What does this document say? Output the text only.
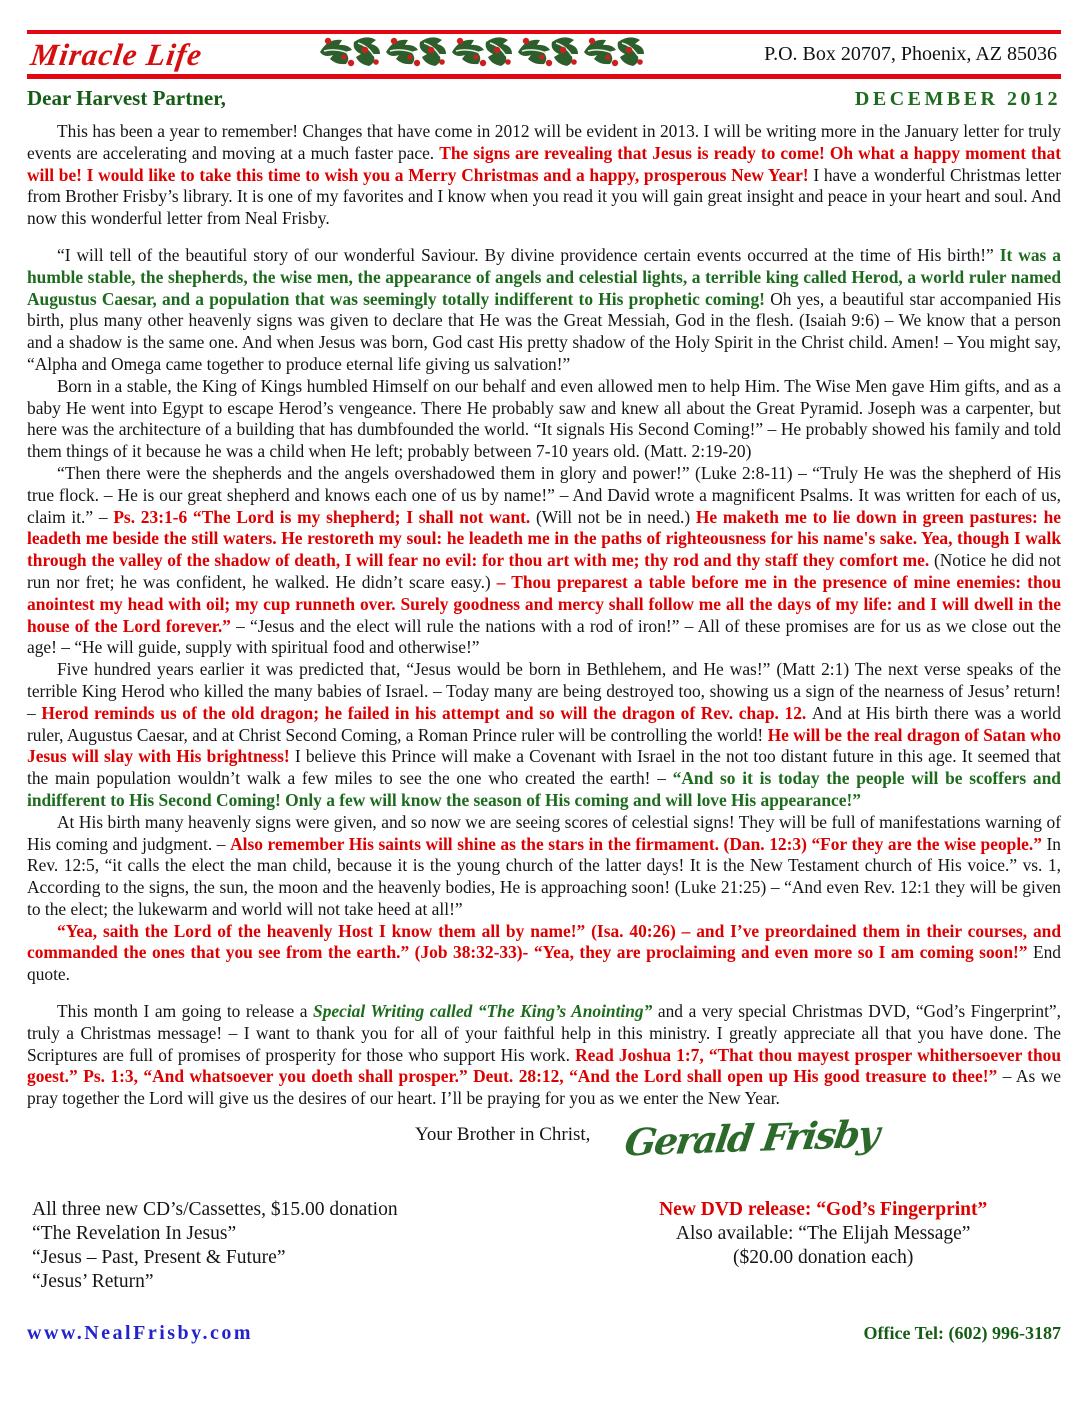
Miracle Life	P.O. Box 20707, Phoenix, AZ 85036
Dear Harvest Partner,	DECEMBER 2012

This has been a year to remember! Changes that have come in 2012 will be evident in 2013. I will be writing more in the January letter for truly events are accelerating and moving at a much faster pace. The signs are revealing that Jesus is ready to come! Oh what a happy moment that will be! I would like to take this time to wish you a Merry Christmas and a happy, prosperous New Year! I have a wonderful Christmas letter from Brother Frisby’s library. It is one of my favorites and I know when you read it you will gain great insight and peace in your heart and soul. And now this wonderful letter from Neal Frisby.

“I will tell of the beautiful story of our wonderful Saviour. By divine providence certain events occurred at the time of His birth!” It was a humble stable, the shepherds, the wise men, the appearance of angels and celestial lights, a terrible king called Herod, a world ruler named Augustus Caesar, and a population that was seemingly totally indifferent to His prophetic coming! Oh yes, a beautiful star accompanied His birth, plus many other heavenly signs was given to declare that He was the Great Messiah, God in the flesh. (Isaiah 9:6) – We know that a person and a shadow is the same one. And when Jesus was born, God cast His pretty shadow of the Holy Spirit in the Christ child. Amen! – You might say, “Alpha and Omega came together to produce eternal life giving us salvation!”

Born in a stable, the King of Kings humbled Himself on our behalf and even allowed men to help Him. The Wise Men gave Him gifts, and as a baby He went into Egypt to escape Herod’s vengeance. There He probably saw and knew all about the Great Pyramid. Joseph was a carpenter, but here was the architecture of a building that has dumbfounded the world. “It signals His Second Coming!” – He probably showed his family and told them things of it because he was a child when He left; probably between 7-10 years old. (Matt. 2:19-20)

“Then there were the shepherds and the angels overshadowed them in glory and power!” (Luke 2:8-11) – “Truly He was the shepherd of His true flock. – He is our great shepherd and knows each one of us by name!” – And David wrote a magnificent Psalms. It was written for each of us, claim it.” – Ps. 23:1-6 “The Lord is my shepherd; I shall not want. (Will not be in need.) He maketh me to lie down in green pastures: he leadeth me beside the still waters. He restoreth my soul: he leadeth me in the paths of righteousness for his name's sake. Yea, though I walk through the valley of the shadow of death, I will fear no evil: for thou art with me; thy rod and thy staff they comfort me. (Notice he did not run nor fret; he was confident, he walked. He didn’t scare easy.) – Thou preparest a table before me in the presence of mine enemies: thou anointest my head with oil; my cup runneth over. Surely goodness and mercy shall follow me all the days of my life: and I will dwell in the house of the Lord forever.” – “Jesus and the elect will rule the nations with a rod of iron!” – All of these promises are for us as we close out the age! – “He will guide, supply with spiritual food and otherwise!”

Five hundred years earlier it was predicted that, “Jesus would be born in Bethlehem, and He was!” (Matt 2:1) The next verse speaks of the terrible King Herod who killed the many babies of Israel. – Today many are being destroyed too, showing us a sign of the nearness of Jesus’ return! – Herod reminds us of the old dragon; he failed in his attempt and so will the dragon of Rev. chap. 12. And at His birth there was a world ruler, Augustus Caesar, and at Christ Second Coming, a Roman Prince ruler will be controlling the world! He will be the real dragon of Satan who Jesus will slay with His brightness! I believe this Prince will make a Covenant with Israel in the not too distant future in this age. It seemed that the main population wouldn’t walk a few miles to see the one who created the earth! – “And so it is today the people will be scoffers and indifferent to His Second Coming! Only a few will know the season of His coming and will love His appearance!”

At His birth many heavenly signs were given, and so now we are seeing scores of celestial signs! They will be full of manifestations warning of His coming and judgment. – Also remember His saints will shine as the stars in the firmament. (Dan. 12:3) “For they are the wise people.” In Rev. 12:5, “it calls the elect the man child, because it is the young church of the latter days! It is the New Testament church of His voice.” vs. 1, According to the signs, the sun, the moon and the heavenly bodies, He is approaching soon! (Luke 21:25) – “And even Rev. 12:1 they will be given to the elect; the lukewarm and world will not take heed at all!”

“Yea, saith the Lord of the heavenly Host I know them all by name!” (Isa. 40:26) – and I’ve preordained them in their courses, and commanded the ones that you see from the earth.” (Job 38:32-33)- “Yea, they are proclaiming and even more so I am coming soon!” End quote.

This month I am going to release a Special Writing called “The King’s Anointing” and a very special Christmas DVD, “God’s Fingerprint”, truly a Christmas message! – I want to thank you for all of your faithful help in this ministry. I greatly appreciate all that you have done. The Scriptures are full of promises of prosperity for those who support His work. Read Joshua 1:7, “That thou mayest prosper whithersoever thou goest.” Ps. 1:3, “And whatsoever you doeth shall prosper.” Deut. 28:12, “And the Lord shall open up His good treasure to thee!” – As we pray together the Lord will give us the desires of our heart. I’ll be praying for you as we enter the New Year.

Your Brother in Christ, Gerald Frisby
All three new CD’s/Cassettes, $15.00 donation
“The Revelation In Jesus”
“Jesus – Past, Present & Future”
“Jesus’ Return”
New DVD release: “God’s Fingerprint”
Also available: “The Elijah Message”
($20.00 donation each)
www.NealFrisby.com	Office Tel: (602) 996-3187
